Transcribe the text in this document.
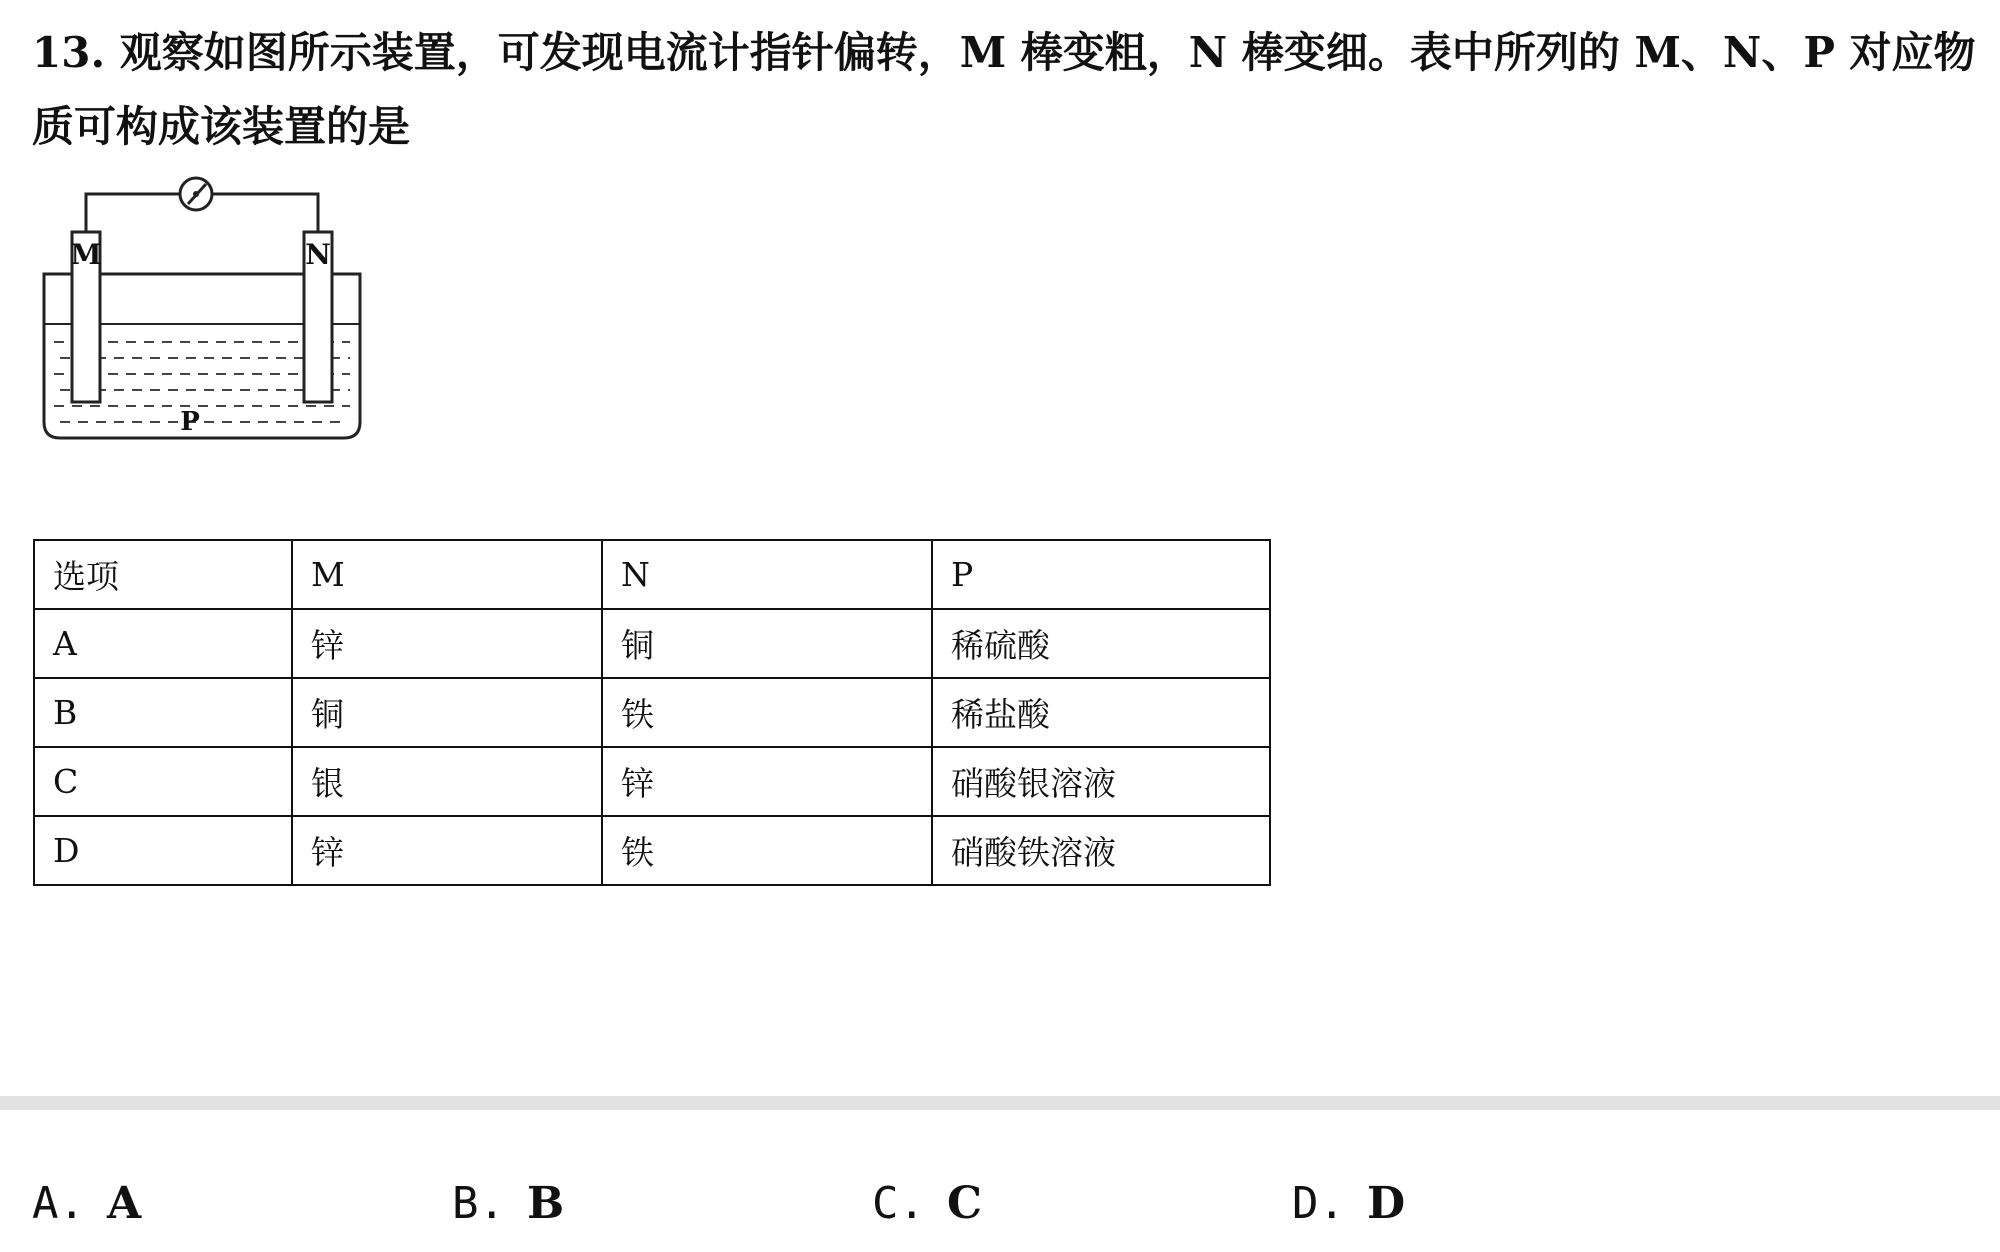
13. 观察如图所示装置，可发现电流计指针偏转，M 棒变粗，N 棒变细。表中所列的 M、N、P 对应物质可构成该装置的是

M	N
P
选项	M	N	P
A	锌	铜	稀硫酸
B	铜	铁	稀盐酸
C	银	锌	硝酸银溶液
D	锌	铁	硝酸铁溶液
A. A	B. B	C. C	D. D
